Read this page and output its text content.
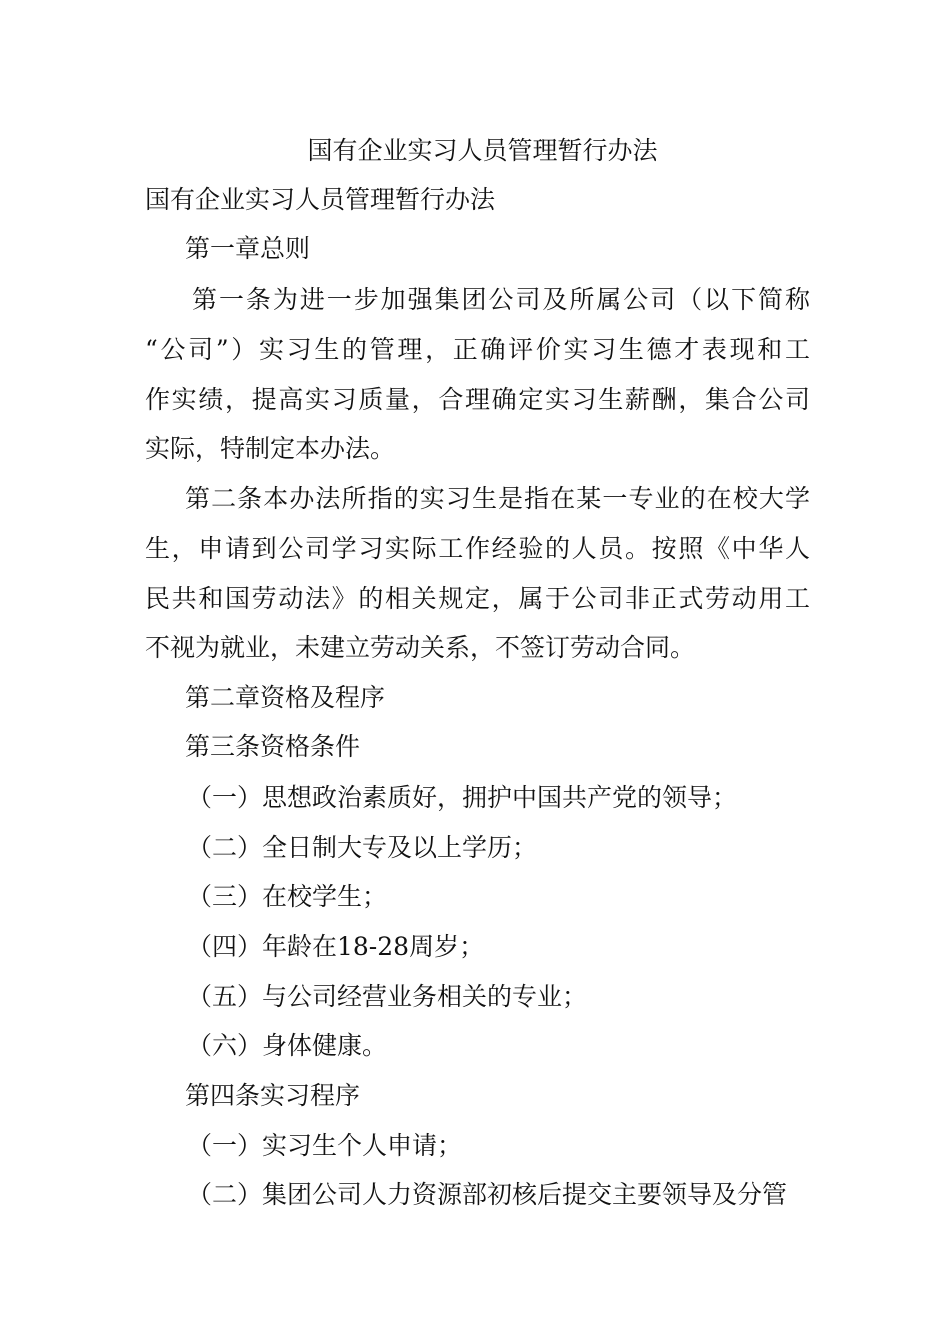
国有企业实习人员管理暂行办法
国有企业实习人员管理暂行办法
第一章总则
第一条为进一步加强集团公司及所属公司（以下简称
“公司”）实习生的管理，正确评价实习生德才表现和工
作实绩，提高实习质量，合理确定实习生薪酬，集合公司
实际，特制定本办法。
第二条本办法所指的实习生是指在某一专业的在校大学
生，申请到公司学习实际工作经验的人员。按照《中华人
民共和国劳动法》的相关规定，属于公司非正式劳动用工
不视为就业，未建立劳动关系，不签订劳动合同。
第二章资格及程序
第三条资格条件
（一）思想政治素质好，拥护中国共产党的领导；
（二）全日制大专及以上学历；
（三）在校学生；
（四）年龄在18-28周岁；
（五）与公司经营业务相关的专业；
（六）身体健康。
第四条实习程序
（一）实习生个人申请；
（二）集团公司人力资源部初核后提交主要领导及分管
